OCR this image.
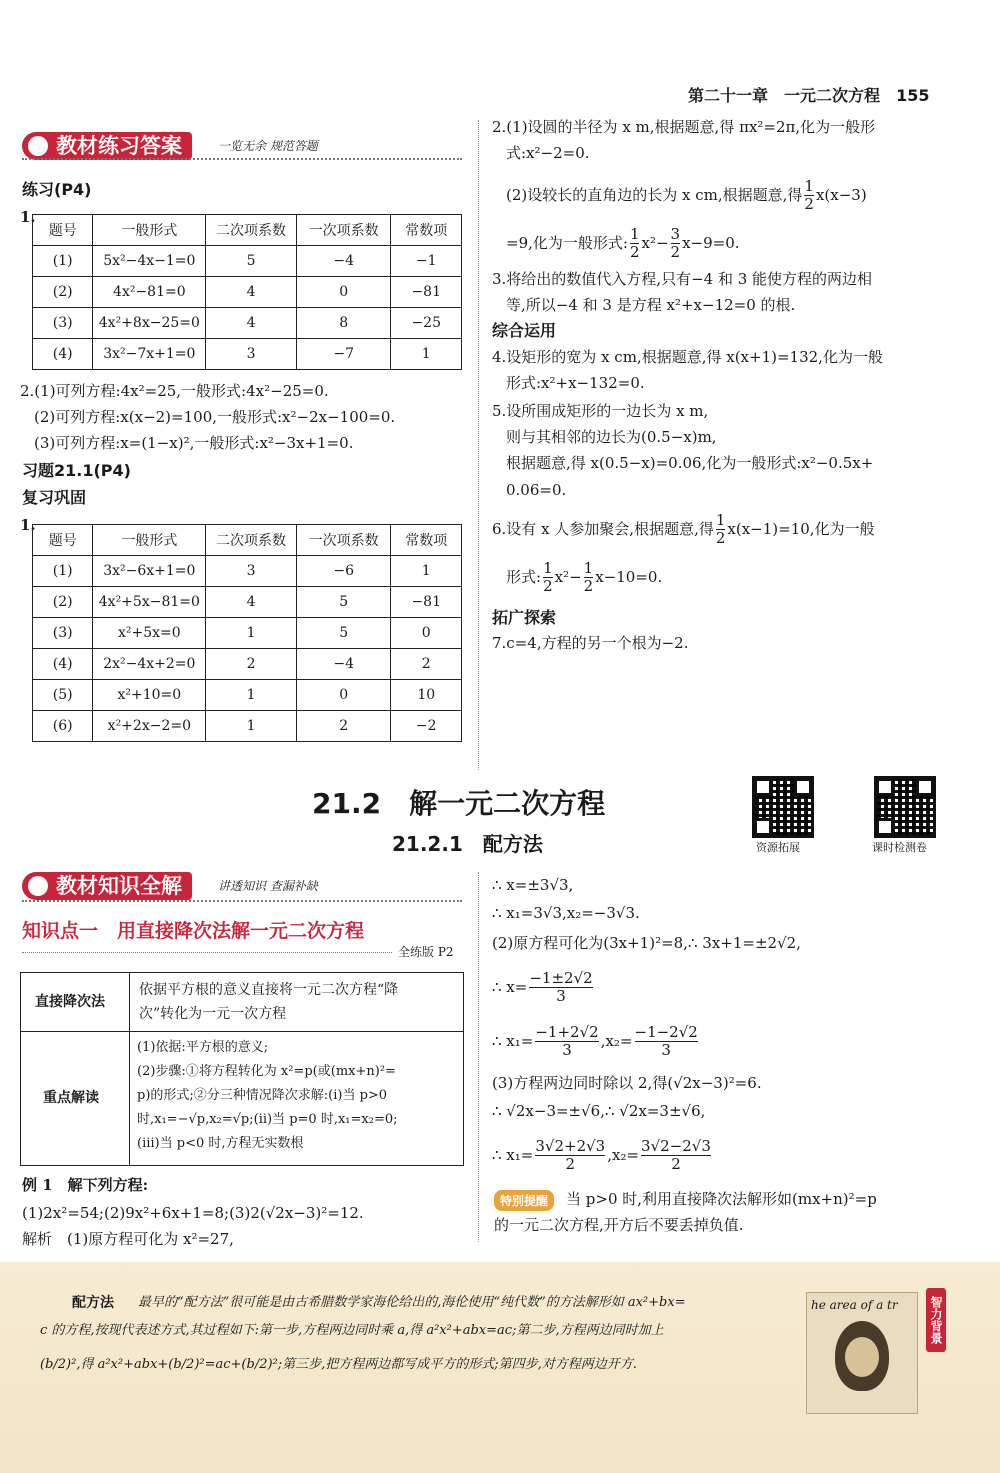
第二十一章　 一元二次方程　 155
教材练习答案	一览无余 规范答题
练习(P4)
1.
题号	一般形式	二次项系数	一次项系数	常数项
(1)	5x²−4x−1=0	5	−4	−1
(2)	4x²−81=0	4	0	−81
(3)	4x²+8x−25=0	4	8	−25
(4)	3x²−7x+1=0	3	−7	1
2.(1)可列方程:4x²=25,一般形式:4x²−25=0.
(2)可列方程:x(x−2)=100,一般形式:x²−2x−100=0.
(3)可列方程:x=(1−x)²,一般形式:x²−3x+1=0.
习题21.1(P4)
复习巩固
1.
题号	一般形式	二次项系数	一次项系数	常数项
(1)	3x²−6x+1=0	3	−6	1
(2)	4x²+5x−81=0	4	5	−81
(3)	x²+5x=0	1	5	0
(4)	2x²−4x+2=0	2	−4	2
(5)	x²+10=0	1	0	10
(6)	x²+2x−2=0	1	2	−2
2.(1)设圆的半径为 x m,根据题意,得 πx²=2π,化为一般形
式:x²−2=0.
(2)设较长的直角边的长为 x cm,根据题意,得 $\frac{1}{2} x(x-3)$
=9,化为一般形式: $\frac{1}{2} x^2- \frac{3}{2} x-9=0$.
3.将给出的数值代入方程,只有−4 和 3 能使方程的两边相
等,所以−4 和 3 是方程 x²+x−12=0 的根.
综合运用
4.设矩形的宽为 x cm,根据题意,得 x(x+1)=132,化为一般
形式:x²+x−132=0.
5.设所围成矩形的一边长为 x m,
则与其相邻的边长为(0.5−x)m,
根据题意,得 x(0.5−x)=0.06,化为一般形式:x²−0.5x+
0.06=0.
6.设有 x 人参加聚会,根据题意,得 $\frac{1}{2} x(x-1)=10$,化为一般
形式: $\frac{1}{2} x^2- \frac{1}{2} x-10=0$.
拓广探索
7.c=4,方程的另一个根为−2.
21.2　解一元二次方程
21.2.1　配方法	资源拓展	课时检测卷
教材知识全解	讲透知识 查漏补缺
知识点一　用直接降次法解一元二次方程
全练版 P2
直接降次法
依据平方根的意义直接将一元二次方程“降
次”转化为一元一次方程
重点解读
(1)依据:平方根的意义;
(2)步骤:①将方程转化为 x²=p(或(mx+n)²=
p)的形式;②分三种情况降次求解:(ⅰ)当 p>0
时,x₁=−√p,x₂=√p;(ⅱ)当 p=0 时,x₁=x₂=0;
(ⅲ)当 p<0 时,方程无实数根
例 1　解下列方程:
(1)2x²=54;(2)9x²+6x+1=8;(3)2(√2x−3)²=12.
解析　(1)原方程可化为 x²=27,
∴ x=±3√3,
∴ x₁=3√3,x₂=−3√3.
(2)原方程可化为(3x+1)²=8,∴ 3x+1=±2√2,
∴ $x= \frac{-1\pm 2√2}{3}$
∴ $x_1= \frac{-1+2√2}{3} ,x_2= \frac{-1-2√2}{3}$
(3)方程两边同时除以 2,得(√2x−3)²=6.
∴ √2x−3=±√6,∴ √2x=3±√6,
∴ $x_1= \frac{3√2+2√3}{2} ,x_2= \frac{3√2-2√3}{2}$
特别提醒	当 p>0 时,利用直接降次法解形如(mx+n)²=p
的一元二次方程,开方后不要丢掉负值.
配方法 最早的“配方法”很可能是由古希腊数学家海伦给出的,海伦使用“纯代数”的方法解形如 ax²+bx=
c 的方程,按现代表述方式,其过程如下:第一步,方程两边同时乘 a,得 a²x²+abx=ac;第二步,方程两边同时加上
(b/2)²,得 a²x²+abx+(b/2)²=ac+(b/2)²;第三步,把方程两边都写成平方的形式;第四步,对方程两边开方.
he area of a tr	智力背景
